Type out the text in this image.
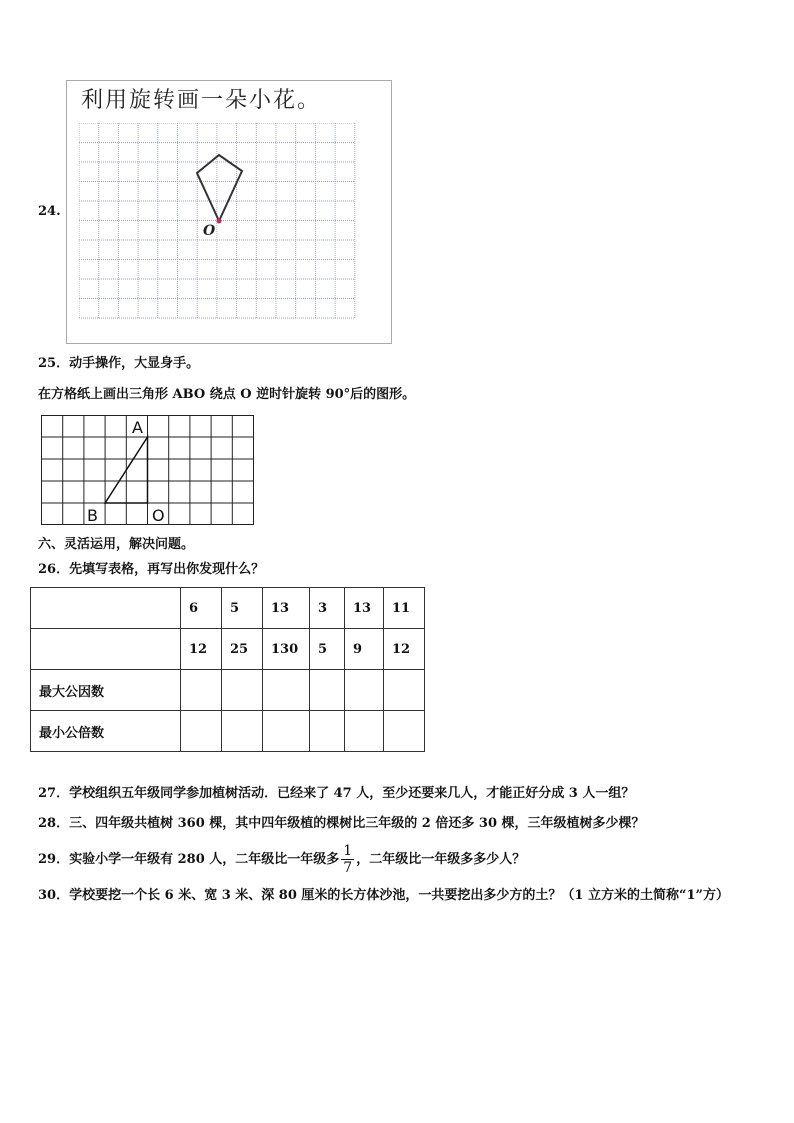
24.
利用旋转画一朵小花。
O
25．动手操作，大显身手。
在方格纸上画出三角形 ABO 绕点 O 逆时针旋转 90°后的图形。
A
B	O
六、灵活运用，解决问题。
26．先填写表格，再写出你发现什么？
	6	5	13	3	13	11
	12	25	130	5	9	12
最大公因数						
最小公倍数						
27．学校组织五年级同学参加植树活动．已经来了 47 人，至少还要来几人，才能正好分成 3 人一组？
28．三、四年级共植树 360 棵，其中四年级植的棵树比三年级的 2 倍还多 30 棵，三年级植树多少棵？
29．实验小学一年级有 280 人，二年级比一年级多 $\frac{1}{7}$ ，二年级比一年级多多少人？
30．学校要挖一个长 6 米、宽 3 米、深 80 厘米的长方体沙池，一共要挖出多少方的土？（1 立方米的土简称“1”方）
